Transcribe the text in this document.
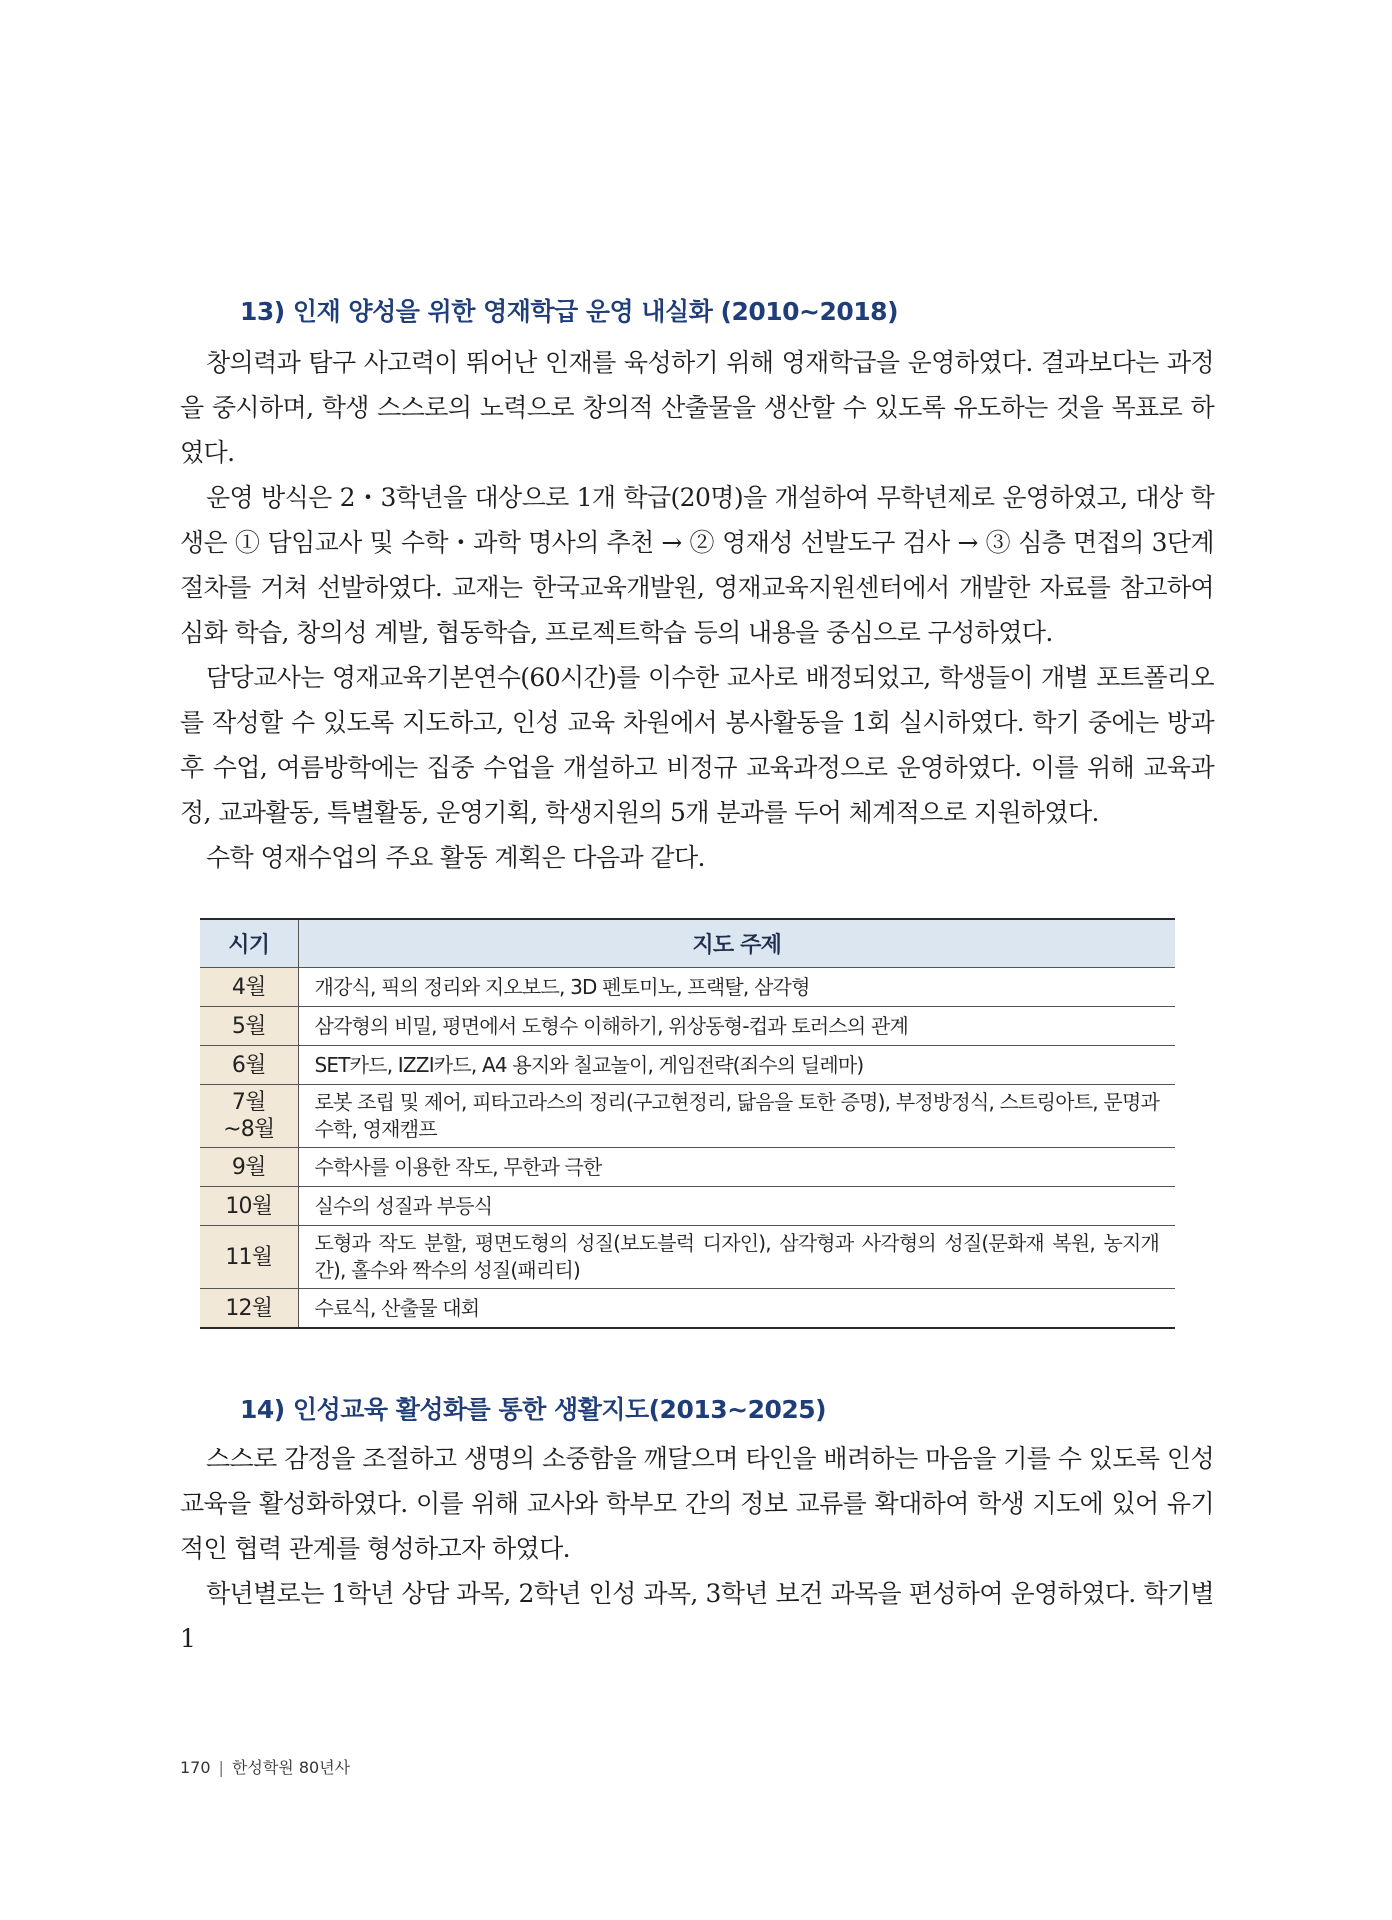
13) 인재 양성을 위한 영재학급 운영 내실화 (2010~2018)

창의력과 탐구 사고력이 뛰어난 인재를 육성하기 위해 영재학급을 운영하였다. 결과보다는 과정을 중시하며, 학생 스스로의 노력으로 창의적 산출물을 생산할 수 있도록 유도하는 것을 목표로 하였다.

운영 방식은 2・3학년을 대상으로 1개 학급(20명)을 개설하여 무학년제로 운영하였고, 대상 학생은 ① 담임교사 및 수학・과학 명사의 추천 → ② 영재성 선발도구 검사 → ③ 심층 면접의 3단계 절차를 거쳐 선발하였다. 교재는 한국교육개발원, 영재교육지원센터에서 개발한 자료를 참고하여 심화 학습, 창의성 계발, 협동학습, 프로젝트학습 등의 내용을 중심으로 구성하였다.

담당교사는 영재교육기본연수(60시간)를 이수한 교사로 배정되었고, 학생들이 개별 포트폴리오를 작성할 수 있도록 지도하고, 인성 교육 차원에서 봉사활동을 1회 실시하였다. 학기 중에는 방과후 수업, 여름방학에는 집중 수업을 개설하고 비정규 교육과정으로 운영하였다. 이를 위해 교육과정, 교과활동, 특별활동, 운영기획, 학생지원의 5개 분과를 두어 체계적으로 지원하였다.

수학 영재수업의 주요 활동 계획은 다음과 같다.

시기	지도 주제
4월	개강식, 픽의 정리와 지오보드, 3D 펜토미노, 프랙탈, 삼각형
5월	삼각형의 비밀, 평면에서 도형수 이해하기, 위상동형-컵과 토러스의 관계
6월	SET카드, IZZI카드, A4 용지와 칠교놀이, 게임전략(죄수의 딜레마)
7월 ~8월	로봇 조립 및 제어, 피타고라스의 정리(구고현정리, 닮음을 토한 증명), 부정방정식, 스트링아트, 문명과 수학, 영재캠프
9월	수학사를 이용한 작도, 무한과 극한
10월	실수의 성질과 부등식
11월	도형과 작도 분할, 평면도형의 성질(보도블럭 디자인), 삼각형과 사각형의 성질(문화재 복원, 농지개간), 홀수와 짝수의 성질(패리티)
12월	수료식, 산출물 대회
14) 인성교육 활성화를 통한 생활지도(2013~2025)

스스로 감정을 조절하고 생명의 소중함을 깨달으며 타인을 배려하는 마음을 기를 수 있도록 인성교육을 활성화하였다. 이를 위해 교사와 학부모 간의 정보 교류를 확대하여 학생 지도에 있어 유기적인 협력 관계를 형성하고자 하였다.

학년별로는 1학년 상담 과목, 2학년 인성 과목, 3학년 보건 과목을 편성하여 운영하였다. 학기별 1

170 | 한성학원 80년사
